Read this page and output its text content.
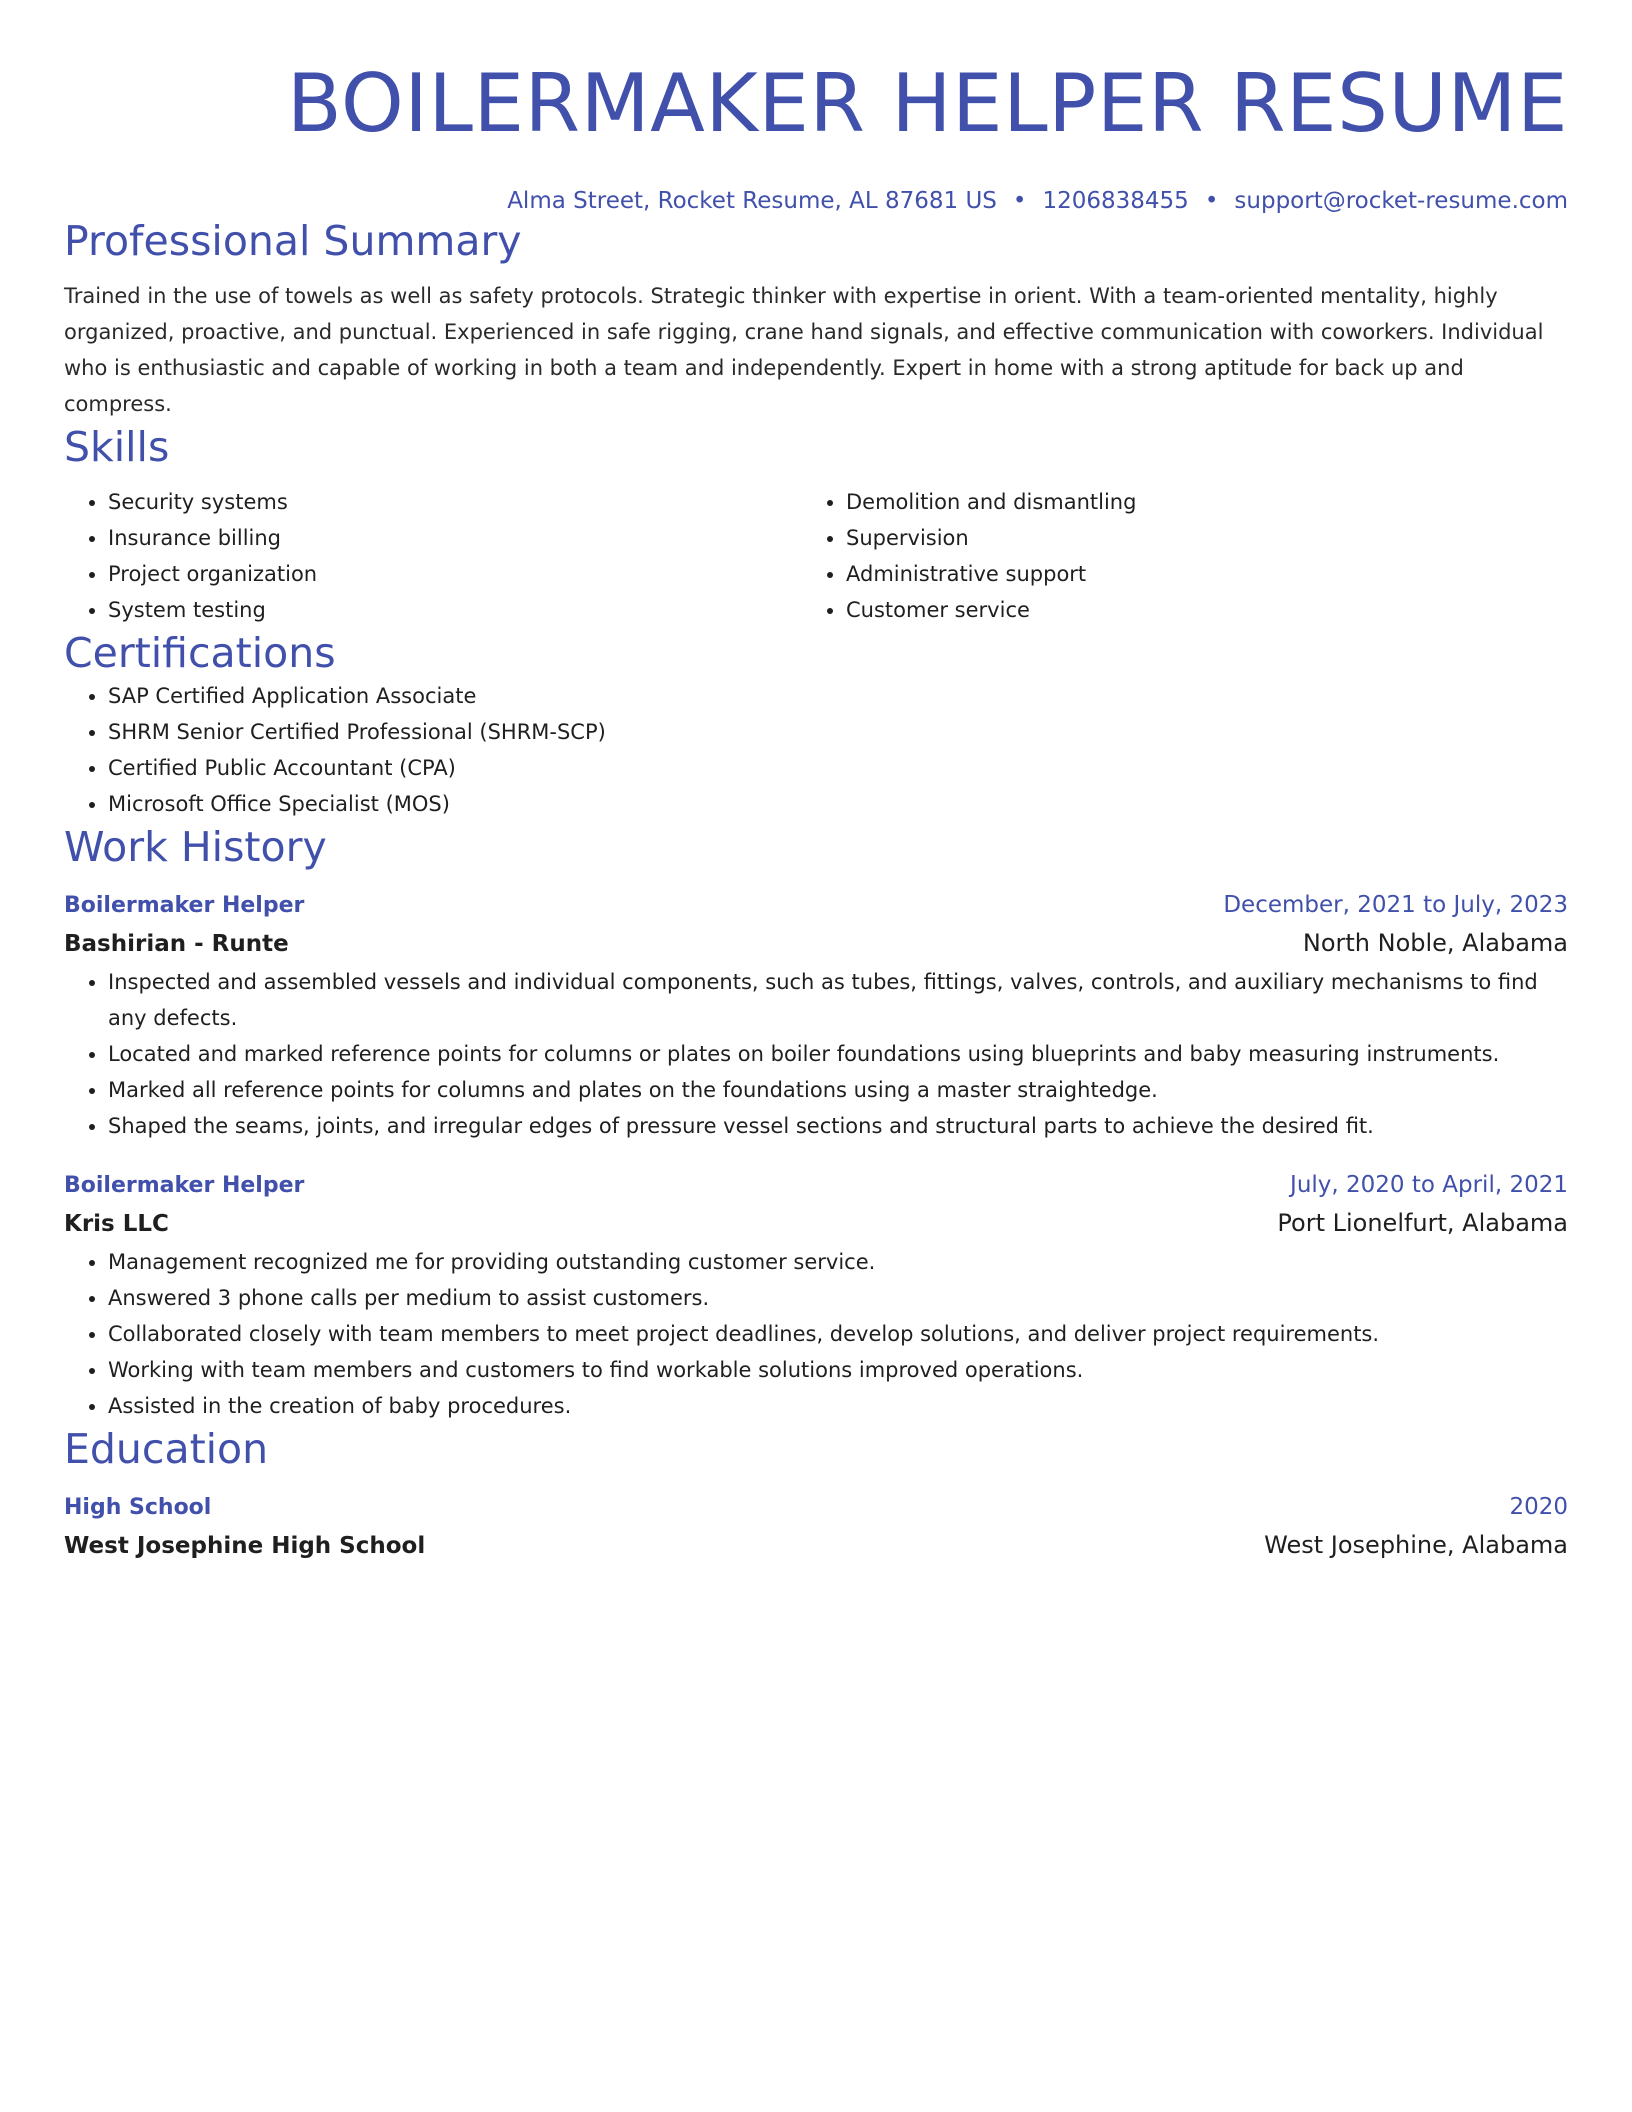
BOILERMAKER HELPER RESUME
Alma Street, Rocket Resume, AL 87681 US • 1206838455 • support@rocket-resume.com
Professional Summary

Trained in the use of towels as well as safety protocols. Strategic thinker with expertise in orient. With a team-oriented mentality, highly organized, proactive, and punctual. Experienced in safe rigging, crane hand signals, and effective communication with coworkers. Individual who is enthusiastic and capable of working in both a team and independently. Expert in home with a strong aptitude for back up and compress.

Skills
• Security systems
• Insurance billing
• Project organization
• System testing
• Demolition and dismantling
• Supervision
• Administrative support
• Customer service
Certifications
• SAP Certified Application Associate
• SHRM Senior Certified Professional (SHRM-SCP)
• Certified Public Accountant (CPA)
• Microsoft Office Specialist (MOS)
Work History
Boilermaker Helper	December, 2021 to July, 2023
Bashirian - Runte	North Noble, Alabama
• Inspected and assembled vessels and individual components, such as tubes, fittings, valves, controls, and auxiliary mechanisms to find any defects.
• Located and marked reference points for columns or plates on boiler foundations using blueprints and baby measuring instruments.
• Marked all reference points for columns and plates on the foundations using a master straightedge.
• Shaped the seams, joints, and irregular edges of pressure vessel sections and structural parts to achieve the desired fit.
Boilermaker Helper	July, 2020 to April, 2021
Kris LLC	Port Lionelfurt, Alabama
• Management recognized me for providing outstanding customer service.
• Answered 3 phone calls per medium to assist customers.
• Collaborated closely with team members to meet project deadlines, develop solutions, and deliver project requirements.
• Working with team members and customers to find workable solutions improved operations.
• Assisted in the creation of baby procedures.
Education
High School	2020
West Josephine High School	West Josephine, Alabama
